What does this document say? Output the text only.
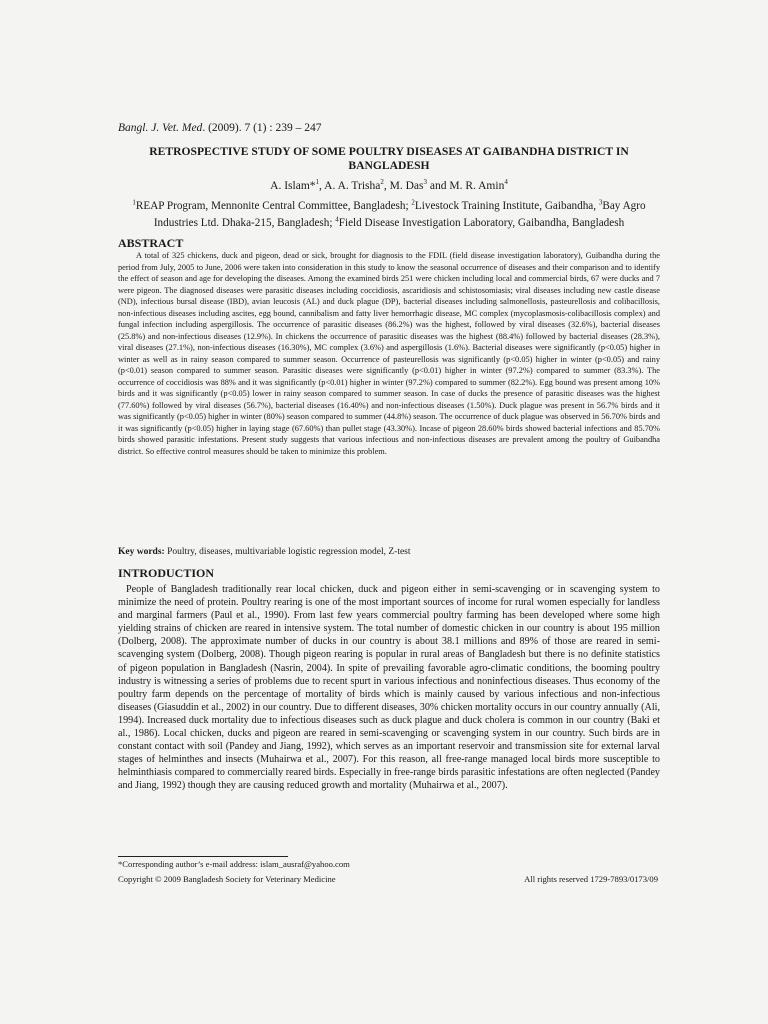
Bangl. J. Vet. Med. (2009). 7 (1) : 239 – 247
RETROSPECTIVE STUDY OF SOME POULTRY DISEASES AT GAIBANDHA DISTRICT IN BANGLADESH
A. Islam*$^1$, A. A. Trisha$^2$, M. Das$^3$ and M. R. Amin$^4$
$^1$REAP Program, Mennonite Central Committee, Bangladesh; $^2$Livestock Training Institute, Gaibandha, $^3$Bay Agro Industries Ltd. Dhaka-215, Bangladesh; $^4$Field Disease Investigation Laboratory, Gaibandha, Bangladesh
ABSTRACT

A total of 325 chickens, duck and pigeon, dead or sick, brought for diagnosis to the FDIL (field disease investigation laboratory), Guibandha during the period from July, 2005 to June, 2006 were taken into consideration in this study to know the seasonal occurrence of diseases and their comparison and to identify the effect of season and age for developing the diseases. Among the examined birds 251 were chicken including local and commercial birds, 67 were ducks and 7 were pigeon. The diagnosed diseases were parasitic diseases including coccidiosis, ascaridiosis and schistosomiasis; viral diseases including new castle disease (ND), infectious bursal disease (IBD), avian leucosis (AL) and duck plague (DP), bacterial diseases including salmonellosis, pasteurellosis and colibacillosis, non-infectious diseases including ascites, egg bound, cannibalism and fatty liver hemorrhagic disease, MC complex (mycoplasmosis-colibacillosis complex) and fungal infection including aspergillosis. The occurrence of parasitic diseases (86.2%) was the highest, followed by viral diseases (32.6%), bacterial diseases (25.8%) and non-infectious diseases (12.9%). In chickens the occurrence of parasitic diseases was the highest (88.4%) followed by bacterial diseases (28.3%), viral diseases (27.1%), non-infectious diseases (16.30%), MC complex (3.6%) and aspergillosis (1.6%). Bacterial diseases were significantly (p<0.05) higher in winter as well as in rainy season compared to summer season. Occurrence of pasteurellosis was significantly (p<0.05) higher in winter (p<0.05) and rainy (p<0.01) season compared to summer season. Parasitic diseases were significantly (p<0.01) higher in winter (97.2%) compared to summer (83.3%). The occurrence of coccidiosis was 88% and it was significantly (p<0.01) higher in winter (97.2%) compared to summer (82.2%). Egg bound was present among 10% birds and it was significantly (p<0.05) lower in rainy season compared to summer season. In case of ducks the presence of parasitic diseases was the highest (77.60%) followed by viral diseases (56.7%), bacterial diseases (16.40%) and non-infectious diseases (1.50%). Duck plague was present in 56.7% birds and it was significantly (p<0.05) higher in winter (80%) season compared to summer (44.8%) season. The occurrence of duck plague was observed in 56.70% birds and it was significantly (p<0.05) higher in laying stage (67.60%) than pullet stage (43.30%). Incase of pigeon 28.60% birds showed bacterial infections and 85.70% birds showed parasitic infestations. Present study suggests that various infectious and non-infectious diseases are prevalent among the poultry of Guibandha district. So effective control measures should be taken to minimize this problem.

Key words: Poultry, diseases, multivariable logistic regression model, Z-test
INTRODUCTION

People of Bangladesh traditionally rear local chicken, duck and pigeon either in semi-scavenging or in scavenging system to minimize the need of protein. Poultry rearing is one of the most important sources of income for rural women especially for landless and marginal farmers (Paul et al., 1990). From last few years commercial poultry farming has been developed where some high yielding strains of chicken are reared in intensive system. The total number of domestic chicken in our country is about 195 million (Dolberg, 2008). The approximate number of ducks in our country is about 38.1 millions and 89% of those are reared in semi-scavenging system (Dolberg, 2008). Though pigeon rearing is popular in rural areas of Bangladesh but there is no definite statistics of pigeon population in Bangladesh (Nasrin, 2004). In spite of prevailing favorable agro-climatic conditions, the booming poultry industry is witnessing a series of problems due to recent spurt in various infectious and noninfectious diseases. Thus economy of the poultry farm depends on the percentage of mortality of birds which is mainly caused by various infectious and non-infectious diseases (Giasuddin et al., 2002) in our country. Due to different diseases, 30% chicken mortality occurs in our country annually (Ali, 1994). Increased duck mortality due to infectious diseases such as duck plague and duck cholera is common in our country (Baki et al., 1986). Local chicken, ducks and pigeon are reared in semi-scavenging or scavenging system in our country. Such birds are in constant contact with soil (Pandey and Jiang, 1992), which serves as an important reservoir and transmission site for external larval stages of helminthes and insects (Muhairwa et al., 2007). For this reason, all free-range managed local birds more susceptible to helminthiasis compared to commercially reared birds. Especially in free-range birds parasitic infestations are often neglected (Pandey and Jiang, 1992) though they are causing reduced growth and mortality (Muhairwa et al., 2007).

*Corresponding author’s e-mail address: islam_ausraf@yahoo.com
Copyright © 2009 Bangladesh Society for Veterinary Medicine	All rights reserved 1729-7893/0173/09
